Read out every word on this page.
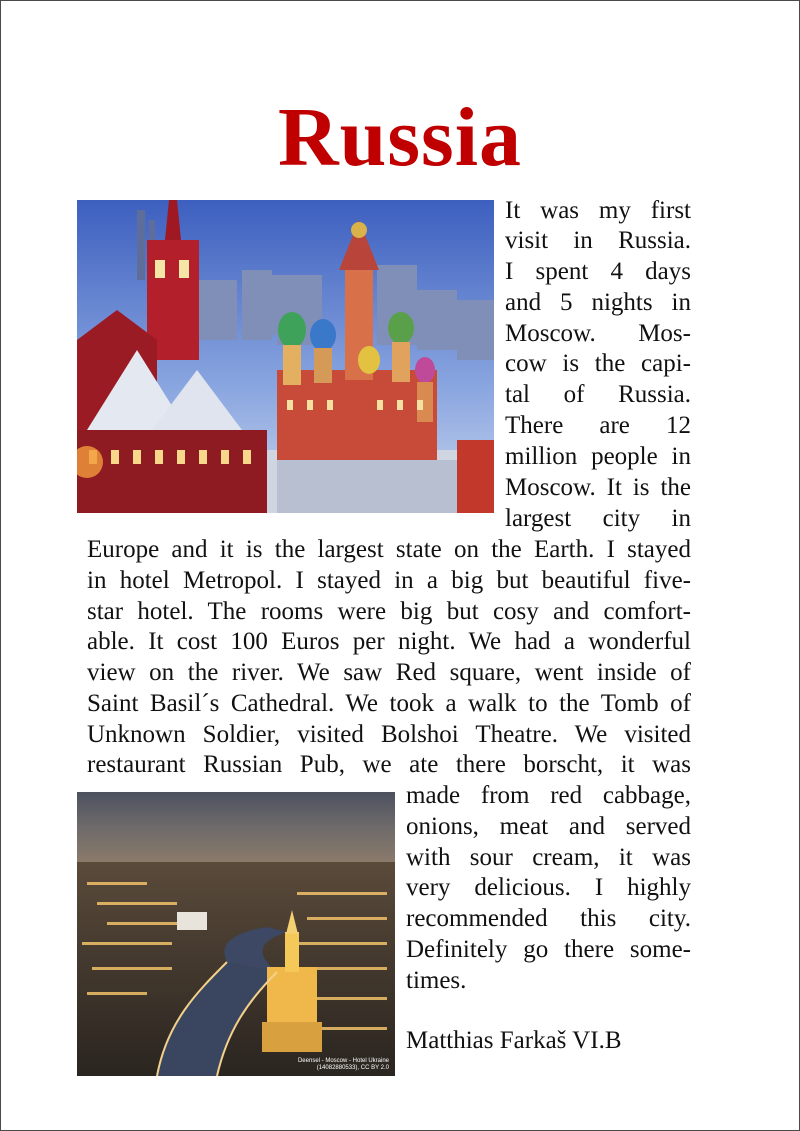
Russia
It was my first
visit in Russia.
I spent 4 days
and 5 nights in
Moscow. Mos-
cow is the capi-
tal of Russia.
There are 12
million people in
Moscow. It is the
largest city in
Europe and it is the largest state on the Earth. I stayed
in hotel Metropol. I stayed in a big but beautiful five-
star hotel. The rooms were big but cosy and comfort-
able. It cost 100 Euros per night. We had a wonderful
view on the river. We saw Red square, went inside of
Saint Basil´s Cathedral. We took a walk to the Tomb of
Unknown Soldier, visited Bolshoi Theatre. We visited
restaurant Russian Pub, we ate there borscht, it was
Deensel - Moscow - Hotel Ukraine
(14082880533), CC BY 2.0
made from red cabbage,
onions, meat and served
with sour cream, it was
very delicious. I highly
recommended this city.
Definitely go there some-
times.
Matthias Farkaš VI.B
